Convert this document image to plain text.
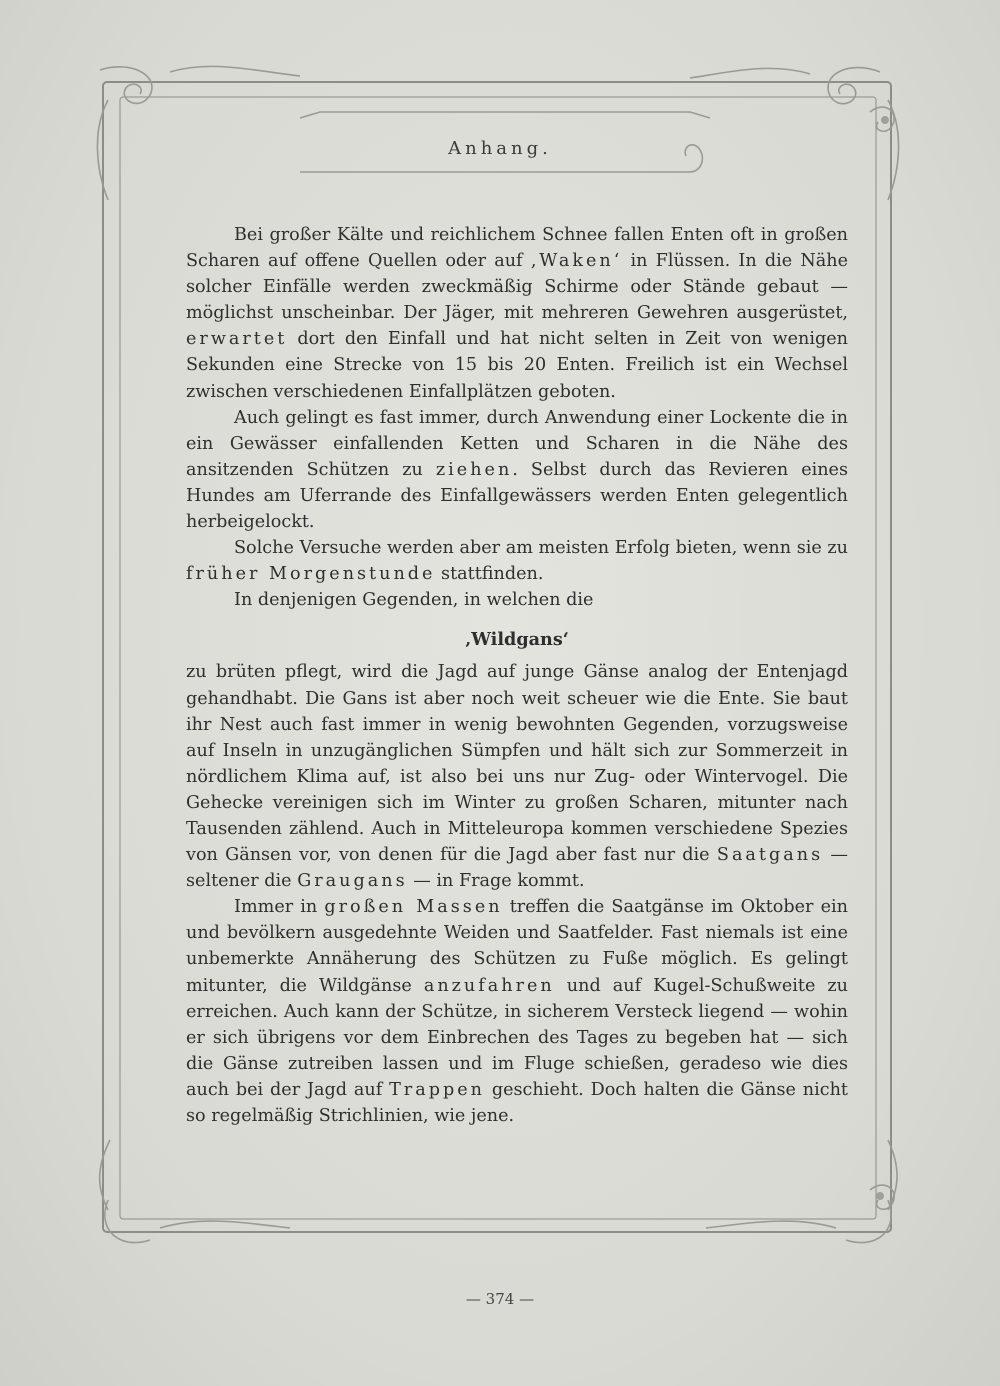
Anhang.

Bei großer Kälte und reichlichem Schnee fallen Enten oft in großen Scharen auf offene Quellen oder auf ‚Waken‘ in Flüssen. In die Nähe solcher Einfälle werden zweckmäßig Schirme oder Stände gebaut — möglichst unscheinbar. Der Jäger, mit mehreren Gewehren ausgerüstet, erwartet dort den Einfall und hat nicht selten in Zeit von wenigen Sekunden eine Strecke von 15 bis 20 Enten. Freilich ist ein Wechsel zwischen verschiedenen Einfallplätzen geboten.

Auch gelingt es fast immer, durch Anwendung einer Lockente die in ein Gewässer einfallenden Ketten und Scharen in die Nähe des ansitzenden Schützen zu ziehen. Selbst durch das Revieren eines Hundes am Uferrande des Einfallgewässers werden Enten gelegentlich herbeigelockt.

Solche Versuche werden aber am meisten Erfolg bieten, wenn sie zu früher Morgenstunde stattfinden.

In denjenigen Gegenden, in welchen die

‚Wildgans‘

zu brüten pflegt, wird die Jagd auf junge Gänse analog der Entenjagd gehandhabt. Die Gans ist aber noch weit scheuer wie die Ente. Sie baut ihr Nest auch fast immer in wenig bewohnten Gegenden, vorzugsweise auf Inseln in unzugänglichen Sümpfen und hält sich zur Sommerzeit in nördlichem Klima auf, ist also bei uns nur Zug- oder Wintervogel. Die Gehecke vereinigen sich im Winter zu großen Scharen, mitunter nach Tausenden zählend. Auch in Mitteleuropa kommen verschiedene Spezies von Gänsen vor, von denen für die Jagd aber fast nur die Saatgans — seltener die Graugans — in Frage kommt.

Immer in großen Massen treffen die Saatgänse im Oktober ein und bevölkern ausgedehnte Weiden und Saatfelder. Fast niemals ist eine unbemerkte Annäherung des Schützen zu Fuße möglich. Es gelingt mitunter, die Wildgänse anzufahren und auf Kugel-Schußweite zu erreichen. Auch kann der Schütze, in sicherem Versteck liegend — wohin er sich übrigens vor dem Einbrechen des Tages zu begeben hat — sich die Gänse zutreiben lassen und im Fluge schießen, geradeso wie dies auch bei der Jagd auf Trappen geschieht. Doch halten die Gänse nicht so regelmäßig Strichlinien, wie jene.

— 374 —
